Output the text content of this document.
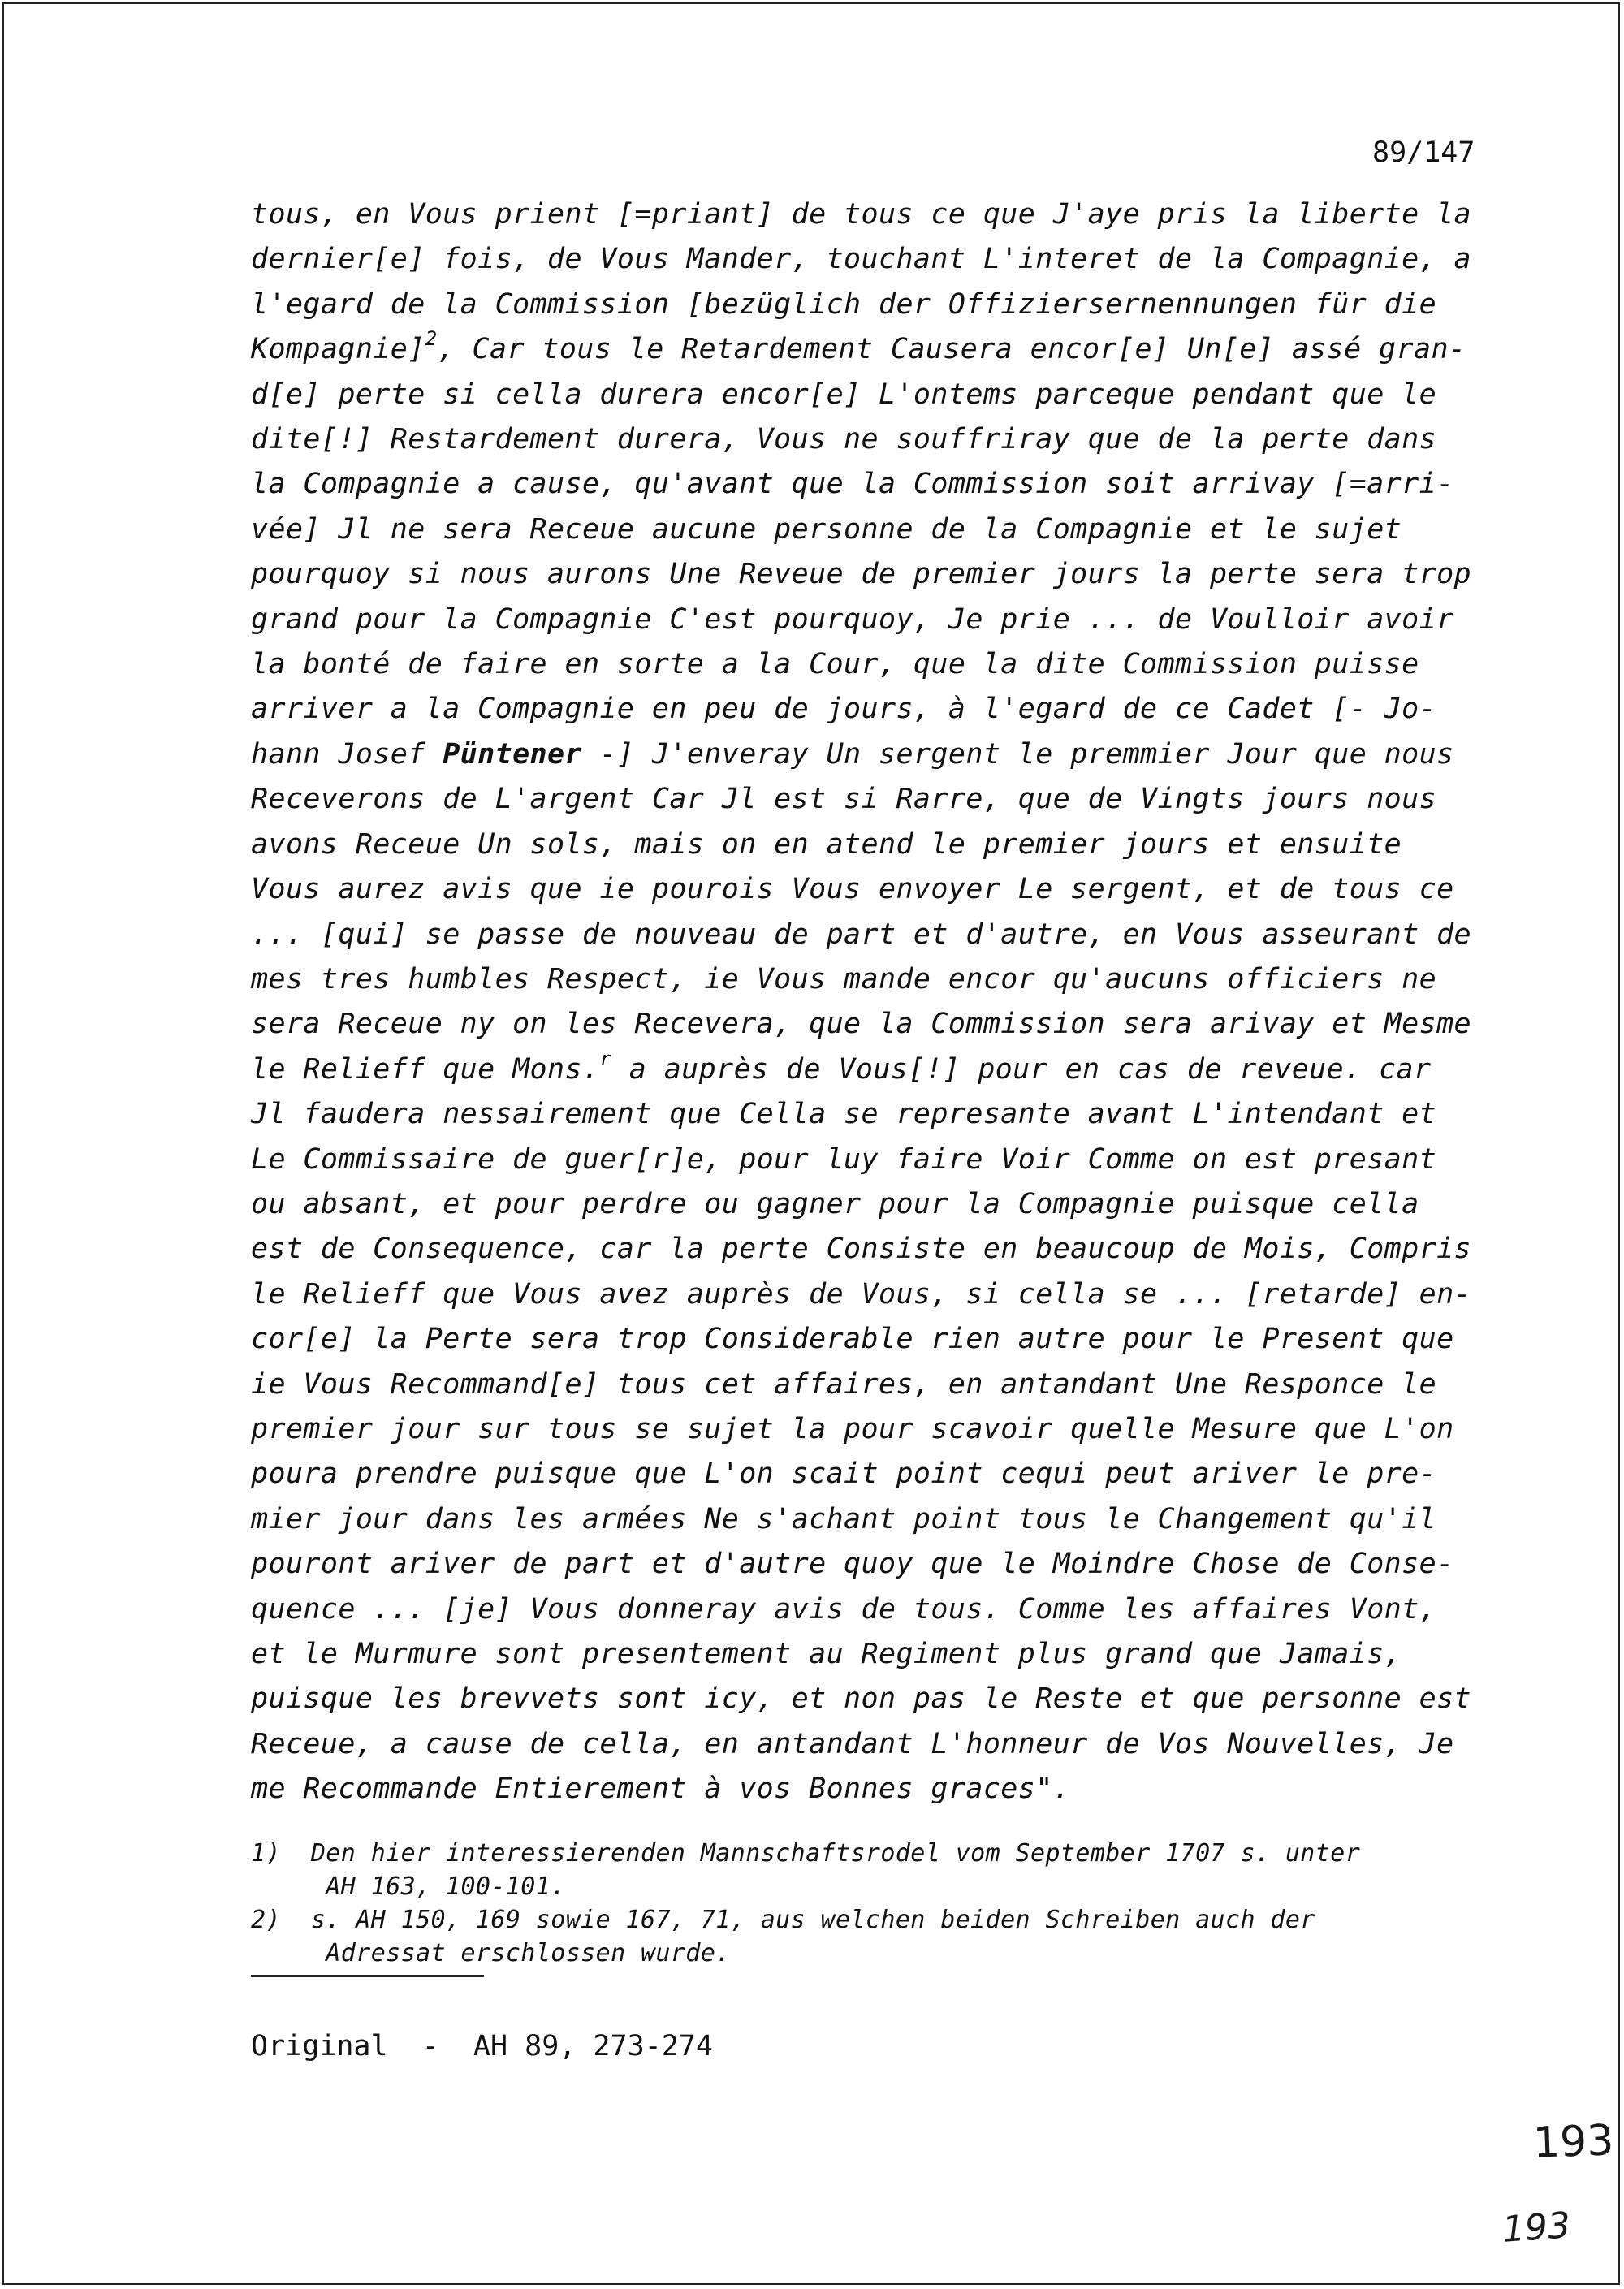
89/147
tous, en Vous prient [=priant] de tous ce que J'aye pris la liberte la
dernier[e] fois, de Vous Mander, touchant L'interet de la Compagnie, a
l'egard de la Commission [bezüglich der Offiziersernennungen für die
Kompagnie]$^2$, Car tous le Retardement Causera encor[e] Un[e] assé gran-
d[e] perte si cella durera encor[e] L'ontems parceque pendant que le
dite[!] Restardement durera, Vous ne souffriray que de la perte dans
la Compagnie a cause, qu'avant que la Commission soit arrivay [=arri-
vée] Jl ne sera Receue aucune personne de la Compagnie et le sujet
pourquoy si nous aurons Une Reveue de premier jours la perte sera trop
grand pour la Compagnie C'est pourquoy, Je prie ... de Voulloir avoir
la bonté de faire en sorte a la Cour, que la dite Commission puisse
arriver a la Compagnie en peu de jours, à l'egard de ce Cadet [- Jo-
hann Josef Püntener -] J'enveray Un sergent le premmier Jour que nous
Receverons de L'argent Car Jl est si Rarre, que de Vingts jours nous
avons Receue Un sols, mais on en atend le premier jours et ensuite
Vous aurez avis que ie pourois Vous envoyer Le sergent, et de tous ce
... [qui] se passe de nouveau de part et d'autre, en Vous asseurant de
mes tres humbles Respect, ie Vous mande encor qu'aucuns officiers ne
sera Receue ny on les Recevera, que la Commission sera arivay et Mesme
le Relieff que Mons.$^r$ a auprès de Vous[!] pour en cas de reveue. car
Jl faudera nessairement que Cella se represante avant L'intendant et
Le Commissaire de guer[r]e, pour luy faire Voir Comme on est presant
ou absant, et pour perdre ou gagner pour la Compagnie puisque cella
est de Consequence, car la perte Consiste en beaucoup de Mois, Compris
le Relieff que Vous avez auprès de Vous, si cella se ... [retarde] en-
cor[e] la Perte sera trop Considerable rien autre pour le Present que
ie Vous Recommand[e] tous cet affaires, en antandant Une Responce le
premier jour sur tous se sujet la pour scavoir quelle Mesure que L'on
poura prendre puisque que L'on scait point cequi peut ariver le pre-
mier jour dans les armées Ne s'achant point tous le Changement qu'il
pouront ariver de part et d'autre quoy que le Moindre Chose de Conse-
quence ... [je] Vous donneray avis de tous. Comme les affaires Vont,
et le Murmure sont presentement au Regiment plus grand que Jamais,
puisque les brevvets sont icy, et non pas le Reste et que personne est
Receue, a cause de cella, en antandant L'honneur de Vos Nouvelles, Je
me Recommande Entierement à vos Bonnes graces".
1)  Den hier interessierenden Mannschaftsrodel vom September 1707 s. unter
AH 163, 100-101.
2)  s. AH 150, 169 sowie 167, 71, aus welchen beiden Schreiben auch der
Adressat erschlossen wurde.
Original  -  AH 89, 273-274
193
193
